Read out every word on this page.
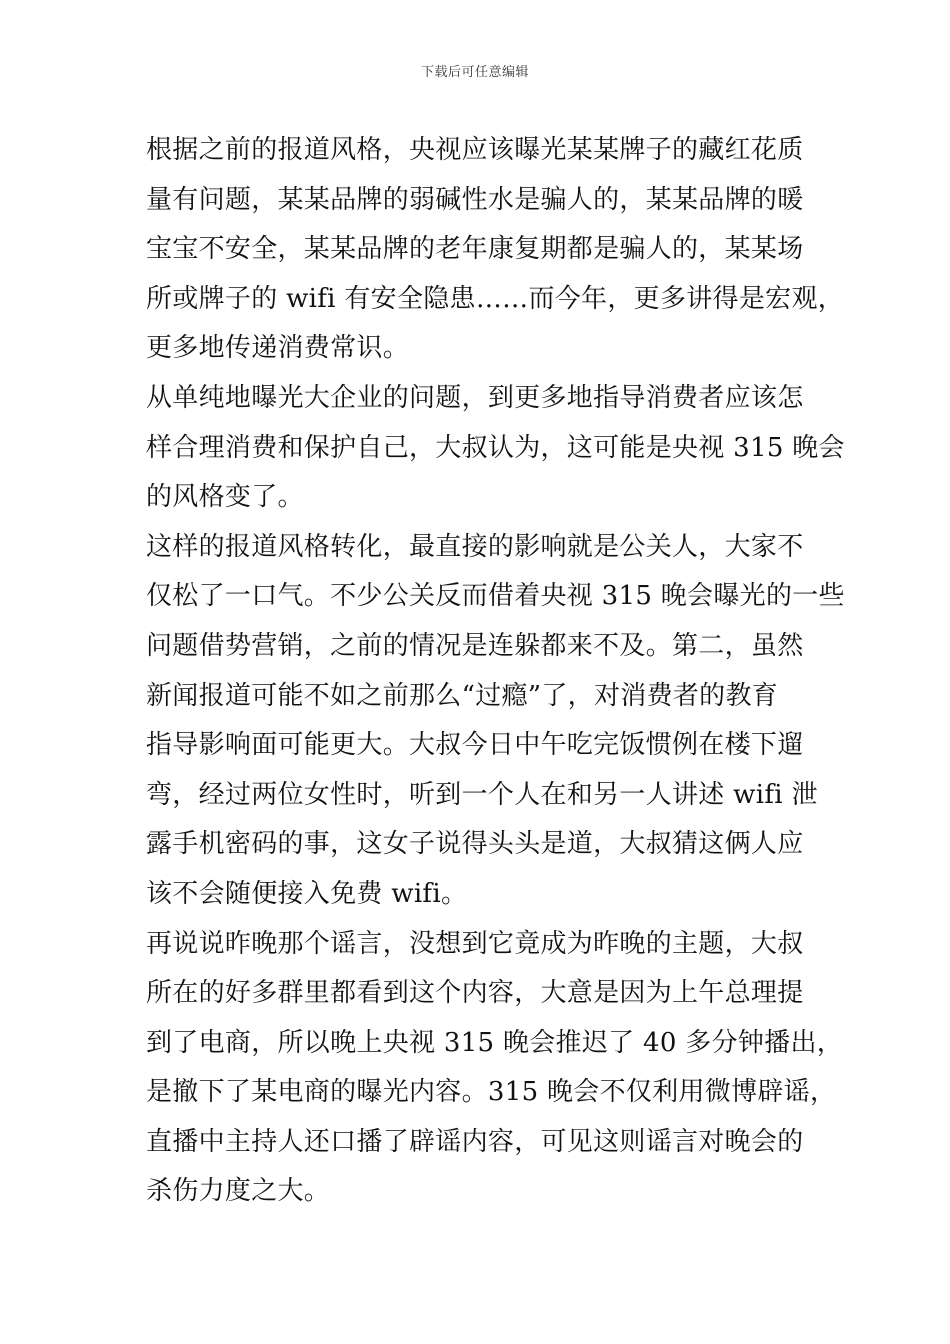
下载后可任意编辑
根据之前的报道风格，央视应该曝光某某牌子的藏红花质
量有问题，某某品牌的弱碱性水是骗人的，某某品牌的暖
宝宝不安全，某某品牌的老年康复期都是骗人的，某某场
所或牌子的 wifi 有安全隐患……而今年，更多讲得是宏观，
更多地传递消费常识。
从单纯地曝光大企业的问题，到更多地指导消费者应该怎
样合理消费和保护自己，大叔认为，这可能是央视 315 晚会
的风格变了。
这样的报道风格转化，最直接的影响就是公关人，大家不
仅松了一口气。不少公关反而借着央视 315 晚会曝光的一些
问题借势营销，之前的情况是连躲都来不及。第二，虽然
新闻报道可能不如之前那么“过瘾”了，对消费者的教育
指导影响面可能更大。大叔今日中午吃完饭惯例在楼下遛
弯，经过两位女性时，听到一个人在和另一人讲述 wifi 泄
露手机密码的事，这女子说得头头是道，大叔猜这俩人应
该不会随便接入免费 wifi。
再说说昨晚那个谣言，没想到它竟成为昨晚的主题，大叔
所在的好多群里都看到这个内容，大意是因为上午总理提
到了电商，所以晚上央视 315 晚会推迟了 40 多分钟播出，
是撤下了某电商的曝光内容。315 晚会不仅利用微博辟谣，
直播中主持人还口播了辟谣内容，可见这则谣言对晚会的
杀伤力度之大。
